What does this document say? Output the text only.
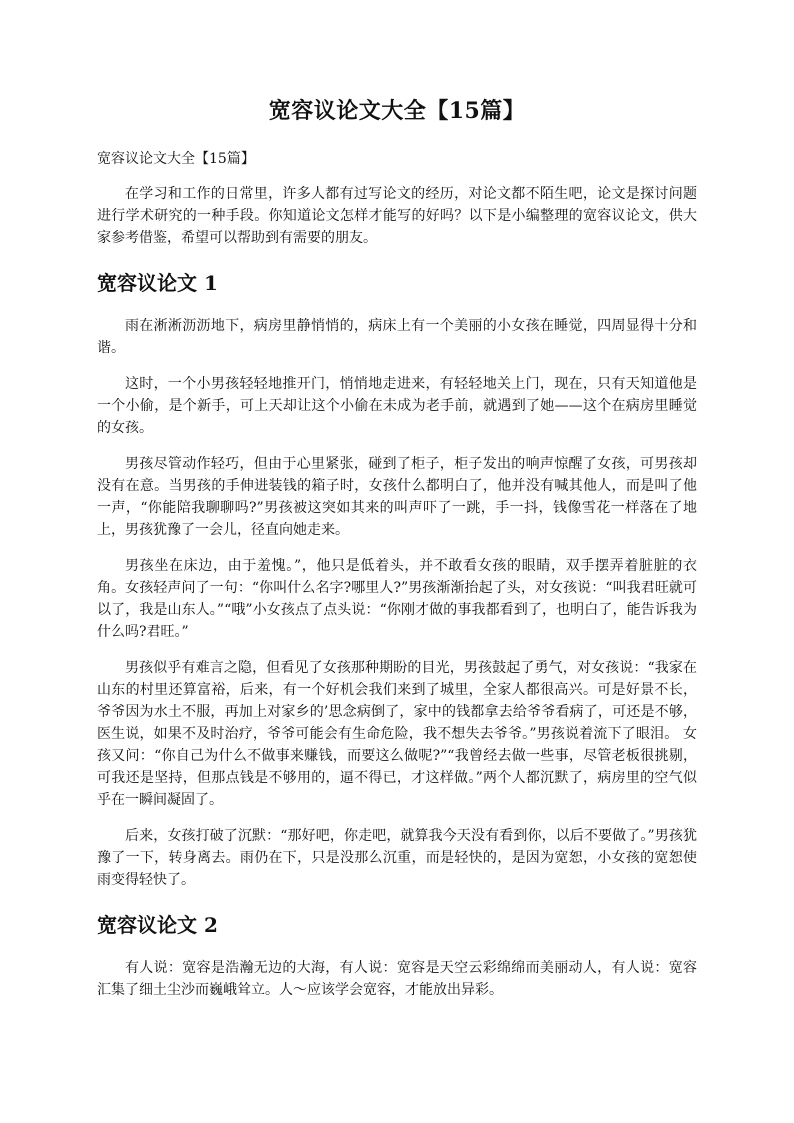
宽容议论文大全【15篇】
宽容议论文大全【15篇】

在学习和工作的日常里，许多人都有过写论文的经历，对论文都不陌生吧，论文是探讨问题进行学术研究的一种手段。你知道论文怎样才能写的好吗？以下是小编整理的宽容议论文，供大家参考借鉴，希望可以帮助到有需要的朋友。

宽容议论文 1

雨在淅淅沥沥地下，病房里静悄悄的，病床上有一个美丽的小女孩在睡觉，四周显得十分和谐。

这时，一个小男孩轻轻地推开门，悄悄地走进来，有轻轻地关上门，现在，只有天知道他是一个小偷，是个新手，可上天却让这个小偷在未成为老手前，就遇到了她——这个在病房里睡觉的女孩。

男孩尽管动作轻巧，但由于心里紧张，碰到了柜子，柜子发出的响声惊醒了女孩，可男孩却没有在意。当男孩的手伸进装钱的箱子时，女孩什么都明白了，他并没有喊其他人，而是叫了他一声，“你能陪我聊聊吗?”男孩被这突如其来的叫声吓了一跳，手一抖，钱像雪花一样落在了地上，男孩犹豫了一会儿，径直向她走来。

男孩坐在床边，由于羞愧。”，他只是低着头，并不敢看女孩的眼睛，双手摆弄着脏脏的衣角。女孩轻声问了一句：“你叫什么名字?哪里人?”男孩渐渐抬起了头，对女孩说：“叫我君旺就可以了，我是山东人。”“哦”小女孩点了点头说：“你刚才做的事我都看到了，也明白了，能告诉我为什么吗?君旺。”

男孩似乎有难言之隐，但看见了女孩那种期盼的目光，男孩鼓起了勇气，对女孩说：“我家在山东的村里还算富裕，后来，有一个好机会我们来到了城里，全家人都很高兴。可是好景不长，爷爷因为水土不服，再加上对家乡的’思念病倒了，家中的钱都拿去给爷爷看病了，可还是不够，医生说，如果不及时治疗，爷爷可能会有生命危险，我不想失去爷爷。”男孩说着流下了眼泪。 女孩又问：“你自己为什么不做事来赚钱，而要这么做呢?”“我曾经去做一些事，尽管老板很挑剔，可我还是坚持，但那点钱是不够用的，逼不得已，才这样做。”两个人都沉默了，病房里的空气似乎在一瞬间凝固了。

后来，女孩打破了沉默：“那好吧，你走吧，就算我今天没有看到你，以后不要做了。”男孩犹豫了一下，转身离去。雨仍在下，只是没那么沉重，而是轻快的，是因为宽恕，小女孩的宽恕使雨变得轻快了。

宽容议论文 2

有人说：宽容是浩瀚无边的大海，有人说：宽容是天空云彩绵绵而美丽动人，有人说：宽容汇集了细土尘沙而巍峨耸立。人～应该学会宽容，才能放出异彩。
